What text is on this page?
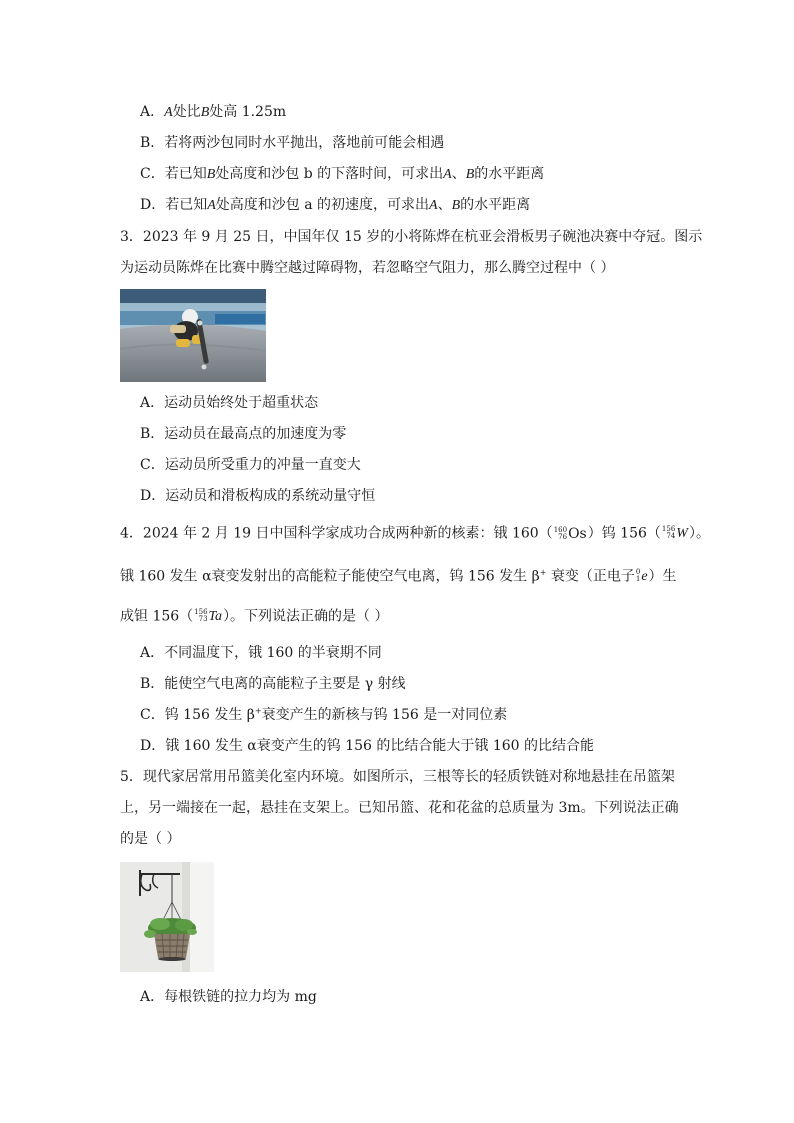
A．A处比B处高 1.25m
B．若将两沙包同时水平抛出，落地前可能会相遇
C．若已知B处高度和沙包 b 的下落时间，可求出A、B的水平距离
D．若已知A处高度和沙包 a 的初速度，可求出A、B的水平距离
3．2023 年 9 月 25 日，中国年仅 15 岁的小将陈烨在杭亚会滑板男子碗池决赛中夺冠。图示
为运动员陈烨在比赛中腾空越过障碍物，若忽略空气阻力，那么腾空过程中（ ）
A．运动员始终处于超重状态
B．运动员在最高点的加速度为零
C．运动员所受重力的冲量一直变大
D．运动员和滑板构成的系统动量守恒
4．2024 年 2 月 19 日中国科学家成功合成两种新的核素：锇 160（ 160
76 Os）钨 156（ 156
74 W）。
锇 160 发生 α衰变发射出的高能粒子能使空气电离，钨 156 发生 β+ 衰变（正电子 0
1 e）生
成钽 156（ 156
73 Ta）。下列说法正确的是（ ）
A．不同温度下，锇 160 的半衰期不同
B．能使空气电离的高能粒子主要是 γ 射线
C．钨 156 发生 β+衰变产生的新核与钨 156 是一对同位素
D．锇 160 发生 α衰变产生的钨 156 的比结合能大于锇 160 的比结合能
5．现代家居常用吊篮美化室内环境。如图所示，三根等长的轻质铁链对称地悬挂在吊篮架
上，另一端接在一起，悬挂在支架上。已知吊篮、花和花盆的总质量为 3m。下列说法正确
的是（ ）
A．每根铁链的拉力均为 mg
